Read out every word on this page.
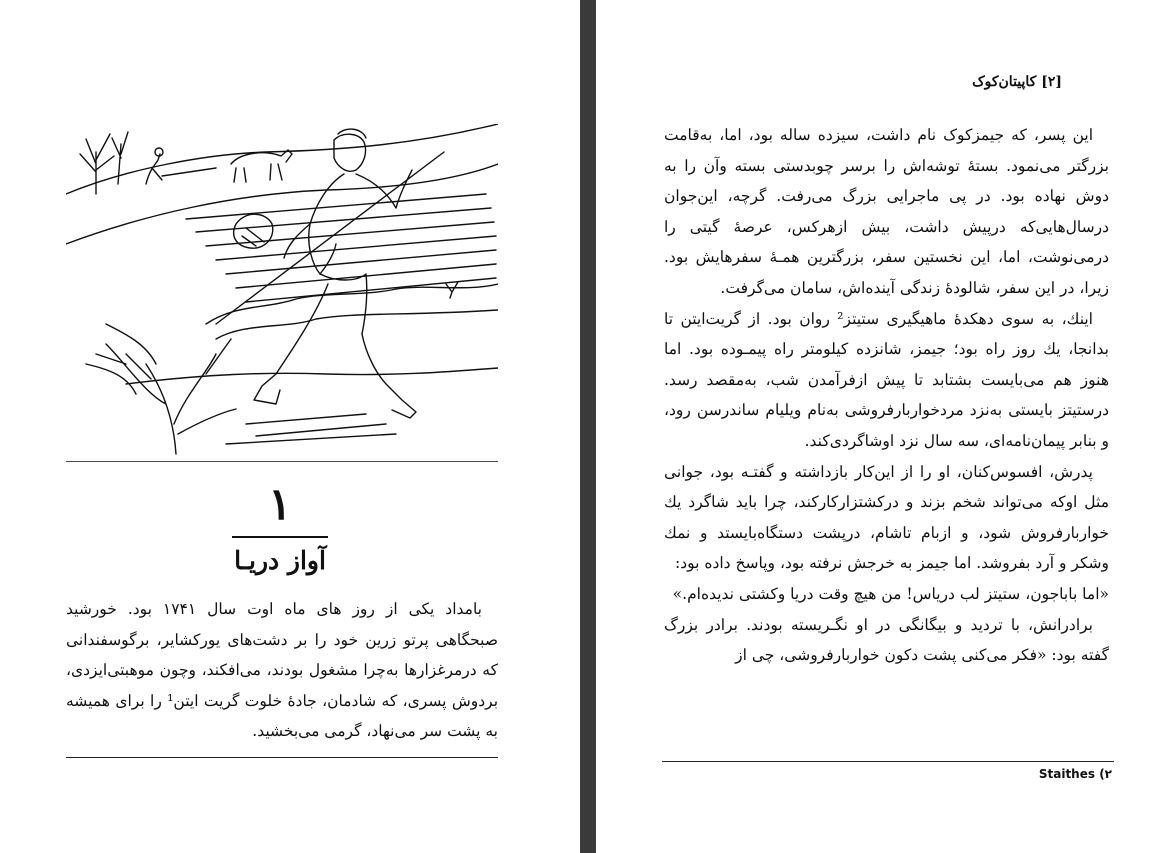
۱
آواز دریـا

بامداد یکی از روز های ماه اوت سال ۱۷۴۱ بود. خورشید صبحگاهی پرتو زرین خود را بر دشت‌های یورکشایر، برگوسفندانی که درمرغزارها به‌چرا مشغول بودند، می‌افکند، وچون موهبتی‌ایزدی، بردوش پسری، که شادمان، جادهٔ خلوت گریت ایتن¹ را برای همیشه به پشت سر می‌نهاد، گرمی می‌بخشید.

[۲] کاپیتان‌کوک

این پسر، که جیمزکوک نام داشت، سیزده ساله بود، اما، به‌قامت بزرگتر می‌نمود. بستهٔ توشه‌اش را برسر چوبدستی بسته وآن را به دوش نهاده بود. در پی ماجرایی بزرگ می‌رفت. گرچه، این‌جوان درسال‌هایی‌که درپیش داشت، بیش ازهرکس، عرصهٔ گیتی را درمی‌نوشت، اما، این نخستین سفر، بزرگترین همـهٔ سفرهایش بود. زیرا، در این سفر، شالودهٔ زندگی آینده‌اش، سامان می‌گرفت.

اینك، به سوی دهکدهٔ ماهیگیری ستیتز² روان بود. از گریت‌ایتن تا بدانجا، یك روز راه بود؛ جیمز، شانزده کیلومتر راه پیمـوده بود. اما هنوز هم می‌بایست بشتابد تا پیش ازفرآمدن شب، به‌مقصد رسد. درستیتز بایستی به‌نزد مردخواربارفروشی به‌نام ویلیام ساندرسن رود، و بنابر پیمان‌نامه‌ای، سه سال نزد اوشاگردی‌کند.

پدرش، افسوس‌کنان، او را از این‌کار بازداشته و گفتـه بود، جوانی مثل اوکه می‌تواند شخم بزند و درکشتزارکارکند، چرا باید شاگرد یك خواربارفروش شود، و ازبام تاشام، درپشت دستگاه‌بایستد و نمك وشکر و آرد بفروشد. اما جیمز به خرجش نرفته بود، وپاسخ داده بود:

«اما باباجون، ستیتز لب دریاس! من هیچ وقت دریا وکشتی ندیده‌ام.»

برادرانش، با تردید و بیگانگی در او نگـریسته بودند. برادر بزرگ گفته بود: «فکر می‌کنی پشت دکون خواربارفروشی، چی از

Staithes (۲
